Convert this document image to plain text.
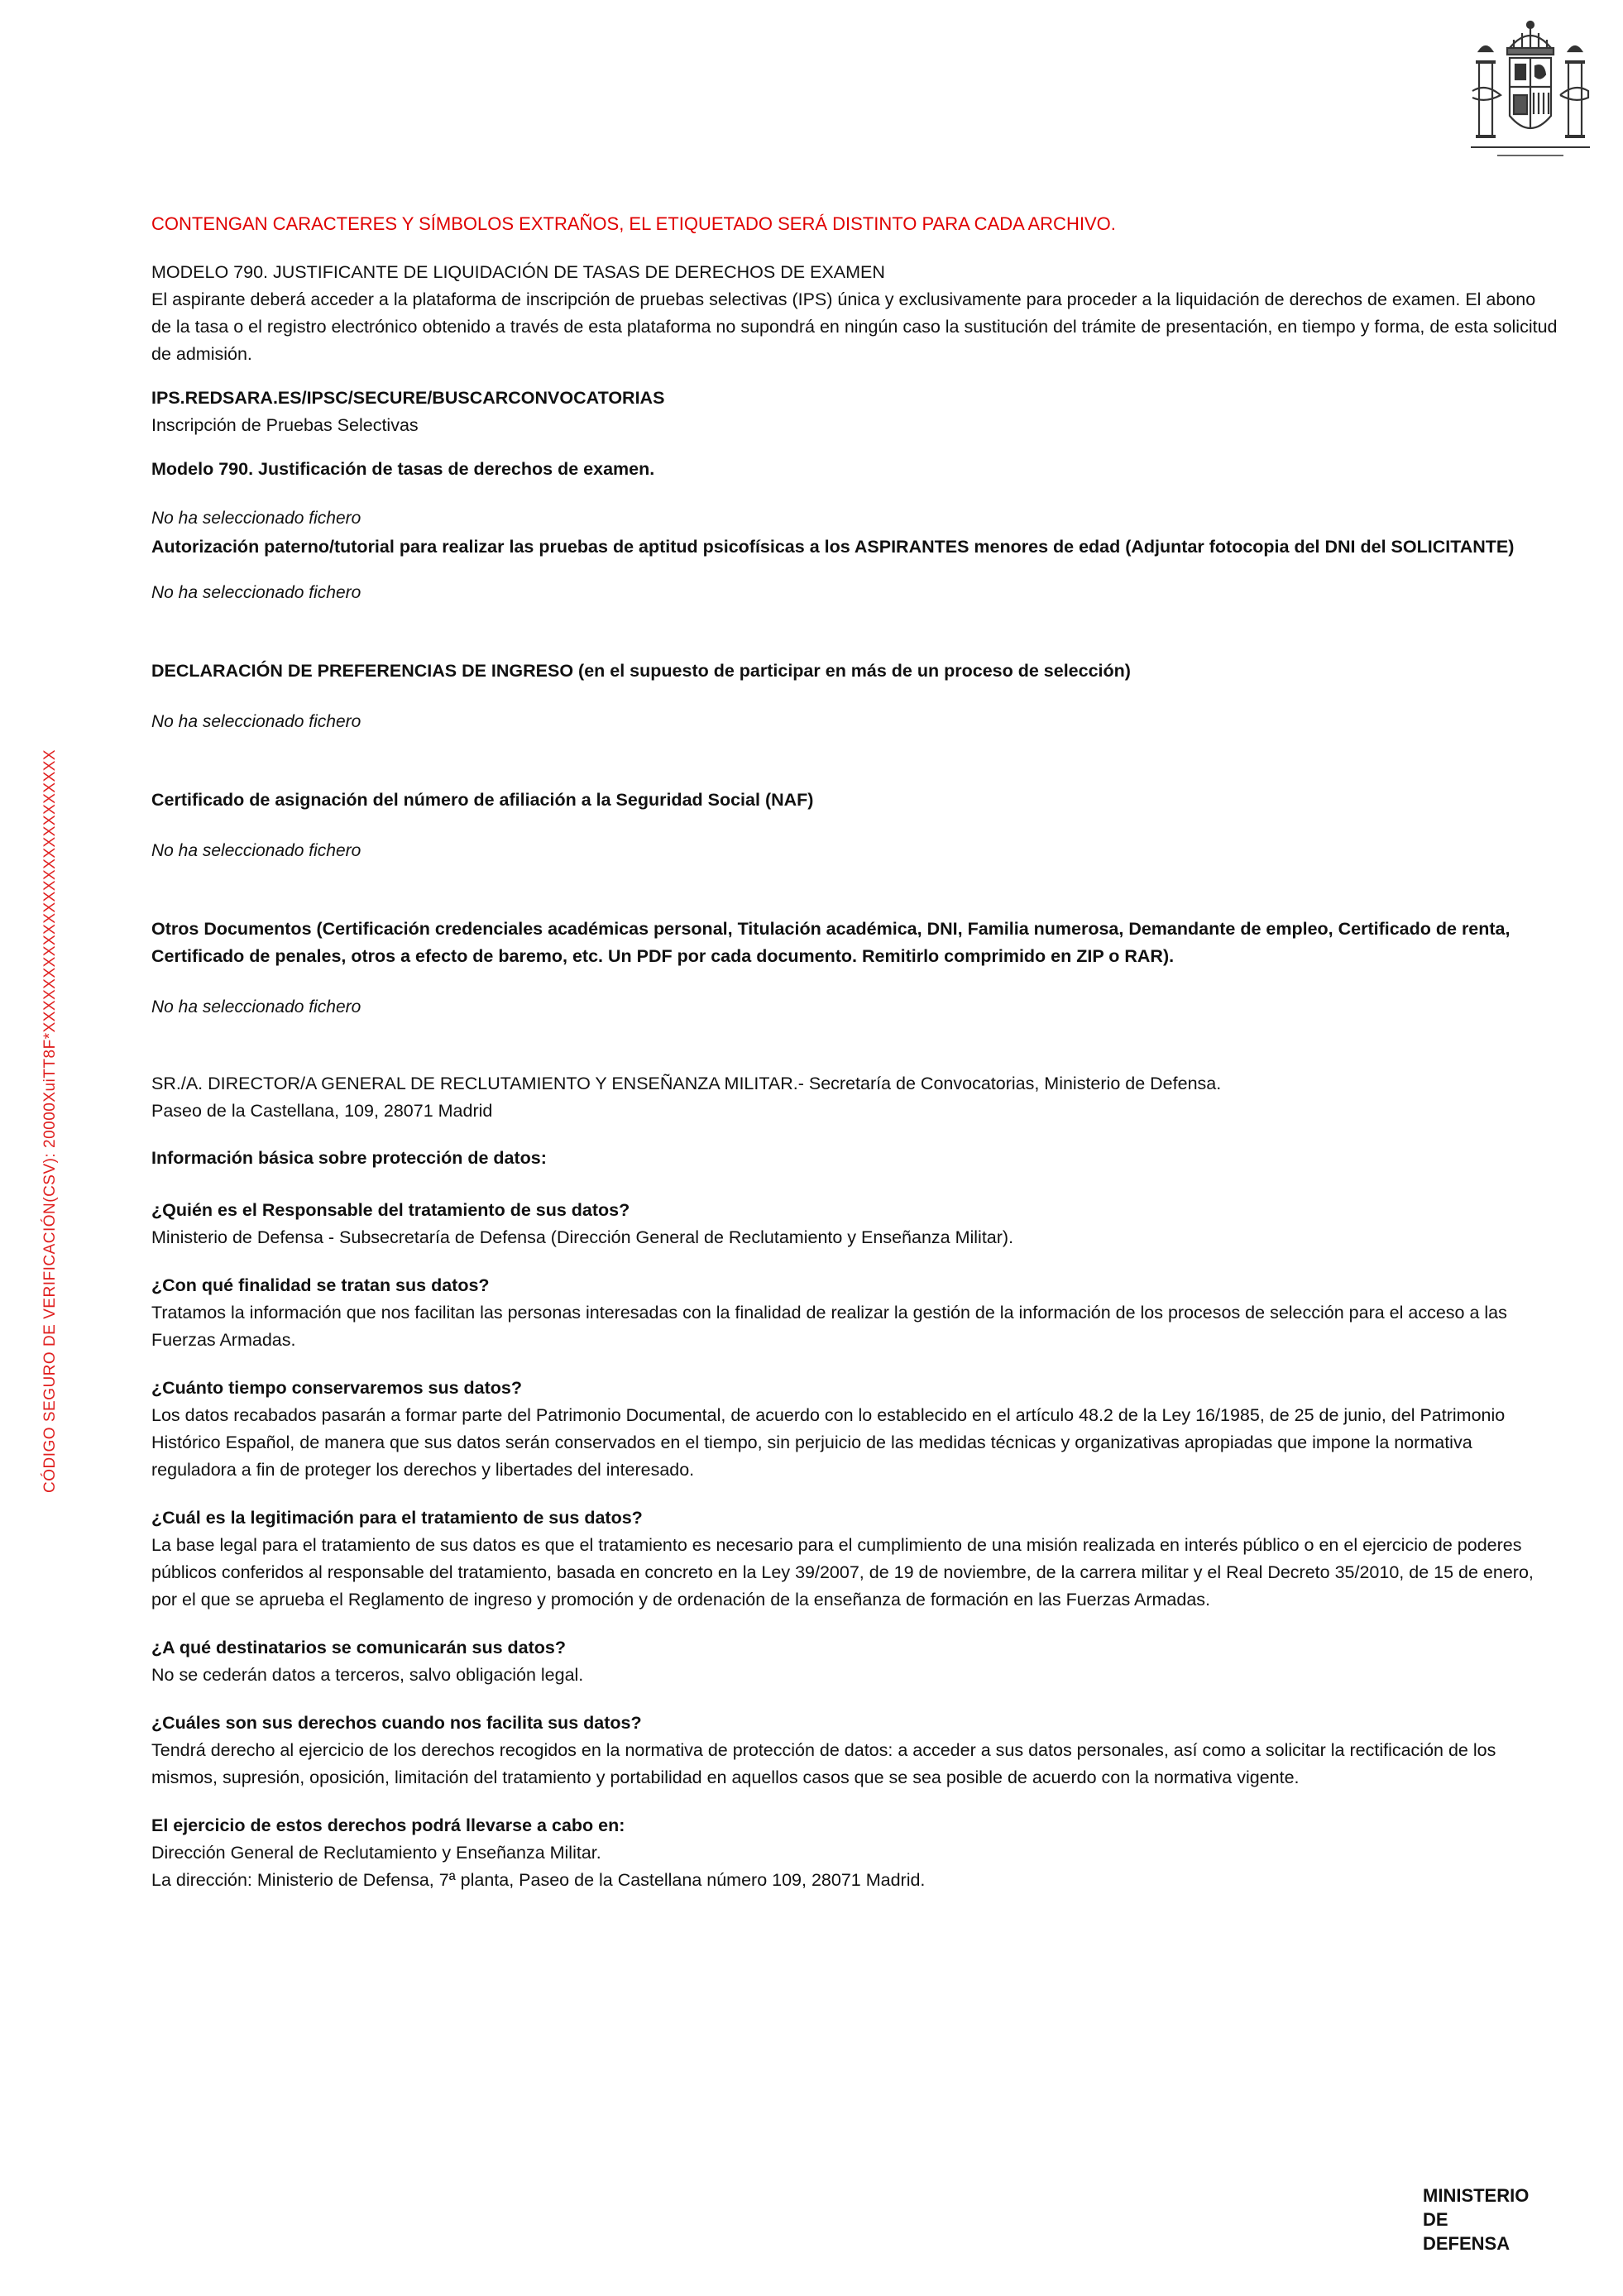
CÓDIGO SEGURO DE VERIFICACIÓN(CSV): 20000XuiTT8F*XXXXXXXXXXXXXXXXXXXXXXXXXX

CONTENGAN CARACTERES Y SÍMBOLOS EXTRAÑOS, EL ETIQUETADO SERÁ DISTINTO PARA CADA ARCHIVO.

MODELO 790. JUSTIFICANTE DE LIQUIDACIÓN DE TASAS DE DERECHOS DE EXAMEN

El aspirante deberá acceder a la plataforma de inscripción de pruebas selectivas (IPS) única y exclusivamente para proceder a la liquidación de derechos de examen. El abono de la tasa o el registro electrónico obtenido a través de esta plataforma no supondrá en ningún caso la sustitución del trámite de presentación, en tiempo y forma, de esta solicitud de admisión.

IPS.REDSARA.ES/IPSC/SECURE/BUSCARCONVOCATORIAS

Inscripción de Pruebas Selectivas

Modelo 790. Justificación de tasas de derechos de examen.

No ha seleccionado fichero

Autorización paterno/tutorial para realizar las pruebas de aptitud psicofísicas a los ASPIRANTES menores de edad (Adjuntar fotocopia del DNI del SOLICITANTE)

No ha seleccionado fichero

DECLARACIÓN DE PREFERENCIAS DE INGRESO (en el supuesto de participar en más de un proceso de selección)

No ha seleccionado fichero

Certificado de asignación del número de afiliación a la Seguridad Social (NAF)

No ha seleccionado fichero

Otros Documentos (Certificación credenciales académicas personal, Titulación académica, DNI, Familia numerosa, Demandante de empleo, Certificado de renta, Certificado de penales, otros a efecto de baremo, etc. Un PDF por cada documento. Remitirlo comprimido en ZIP o RAR).

No ha seleccionado fichero

SR./A. DIRECTOR/A GENERAL DE RECLUTAMIENTO Y ENSEÑANZA MILITAR.- Secretaría de Convocatorias, Ministerio de Defensa.

Paseo de la Castellana, 109, 28071 Madrid

Información básica sobre protección de datos:

¿Quién es el Responsable del tratamiento de sus datos?

Ministerio de Defensa - Subsecretaría de Defensa (Dirección General de Reclutamiento y Enseñanza Militar).

¿Con qué finalidad se tratan sus datos?

Tratamos la información que nos facilitan las personas interesadas con la finalidad de realizar la gestión de la información de los procesos de selección para el acceso a las Fuerzas Armadas.

¿Cuánto tiempo conservaremos sus datos?

Los datos recabados pasarán a formar parte del Patrimonio Documental, de acuerdo con lo establecido en el artículo 48.2 de la Ley 16/1985, de 25 de junio, del Patrimonio Histórico Español, de manera que sus datos serán conservados en el tiempo, sin perjuicio de las medidas técnicas y organizativas apropiadas que impone la normativa reguladora a fin de proteger los derechos y libertades del interesado.

¿Cuál es la legitimación para el tratamiento de sus datos?

La base legal para el tratamiento de sus datos es que el tratamiento es necesario para el cumplimiento de una misión realizada en interés público o en el ejercicio de poderes públicos conferidos al responsable del tratamiento, basada en concreto en la Ley 39/2007, de 19 de noviembre, de la carrera militar y el Real Decreto 35/2010, de 15 de enero, por el que se aprueba el Reglamento de ingreso y promoción y de ordenación de la enseñanza de formación en las Fuerzas Armadas.

¿A qué destinatarios se comunicarán sus datos?

No se cederán datos a terceros, salvo obligación legal.

¿Cuáles son sus derechos cuando nos facilita sus datos?

Tendrá derecho al ejercicio de los derechos recogidos en la normativa de protección de datos: a acceder a sus datos personales, así como a solicitar la rectificación de los mismos, supresión, oposición, limitación del tratamiento y portabilidad en aquellos casos que se sea posible de acuerdo con la normativa vigente.

El ejercicio de estos derechos podrá llevarse a cabo en:

Dirección General de Reclutamiento y Enseñanza Militar.

La dirección: Ministerio de Defensa, 7ª planta, Paseo de la Castellana número 109, 28071 Madrid.

MINISTERIO
DE
DEFENSA
